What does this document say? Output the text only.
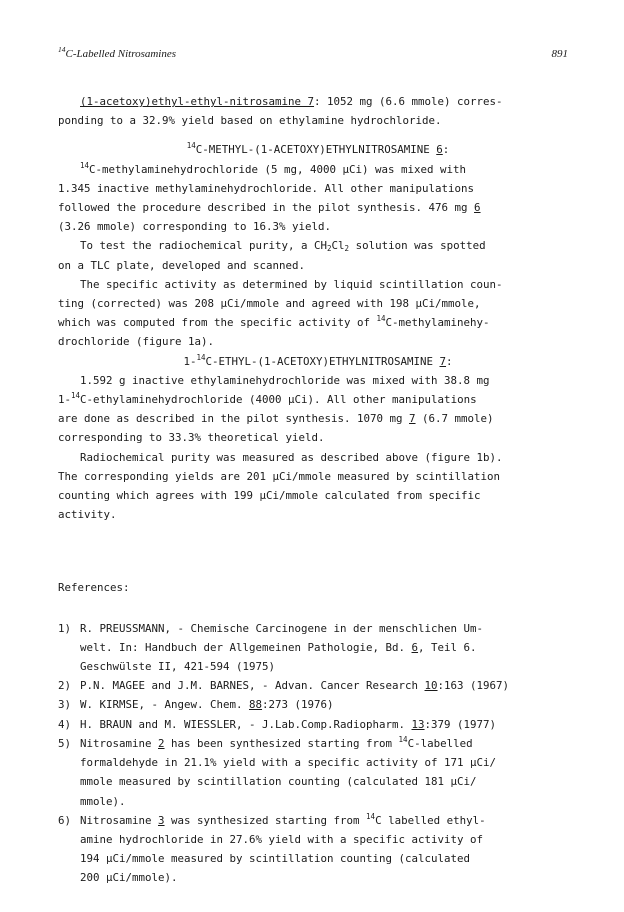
$^{14}$C-Labelled Nitrosamines	891

(1-acetoxy)ethyl-ethyl-nitrosamine 7: 1052 mg (6.6 mmole) corres-
ponding to a 32.9% yield based on ethylamine hydrochloride.

$^{14}$C-METHYL-(1-ACETOXY)ETHYLNITROSAMINE 6:

$^{14}$C-methylaminehydrochloride (5 mg, 4000 µCi) was mixed with
1.345 inactive methylaminehydrochloride. All other manipulations
followed the procedure described in the pilot synthesis. 476 mg 6
(3.26 mmole) corresponding to 16.3% yield.

To test the radiochemical purity, a $CH_2Cl_2$ solution was spotted
on a TLC plate, developed and scanned.

The specific activity as determined by liquid scintillation coun-
ting (corrected) was 208 µCi/mmole and agreed with 198 µCi/mmole,
which was computed from the specific activity of $^{14}$C-methylaminehy-
drochloride (figure 1a).

1-$^{14}$C-ETHYL-(1-ACETOXY)ETHYLNITROSAMINE 7:

1.592 g inactive ethylaminehydrochloride was mixed with 38.8 mg
1-$^{14}$C-ethylaminehydrochloride (4000 µCi). All other manipulations
are done as described in the pilot synthesis. 1070 mg 7 (6.7 mmole)
corresponding to 33.3% theoretical yield.

Radiochemical purity was measured as described above (figure 1b).
The corresponding yields are 201 µCi/mmole measured by scintillation
counting which agrees with 199 µCi/mmole calculated from specific
activity.

References:

1) R. PREUSSMANN, - Chemische Carcinogene in der menschlichen Um-
welt. In: Handbuch der Allgemeinen Pathologie, Bd. 6, Teil 6.
Geschwülste II, 421-594 (1975)
2) P.N. MAGEE and J.M. BARNES, - Advan. Cancer Research 10:163 (1967)
3) W. KIRMSE, - Angew. Chem. 88:273 (1976)
4) H. BRAUN and M. WIESSLER, - J.Lab.Comp.Radiopharm. 13:379 (1977)
5) Nitrosamine 2 has been synthesized starting from $^{14}$C-labelled
formaldehyde in 21.1% yield with a specific activity of 171 µCi/
mmole measured by scintillation counting (calculated 181 µCi/
mmole).
6) Nitrosamine 3 was synthesized starting from $^{14}$C labelled ethyl-
amine hydrochloride in 27.6% yield with a specific activity of
194 µCi/mmole measured by scintillation counting (calculated
200 µCi/mmole).
